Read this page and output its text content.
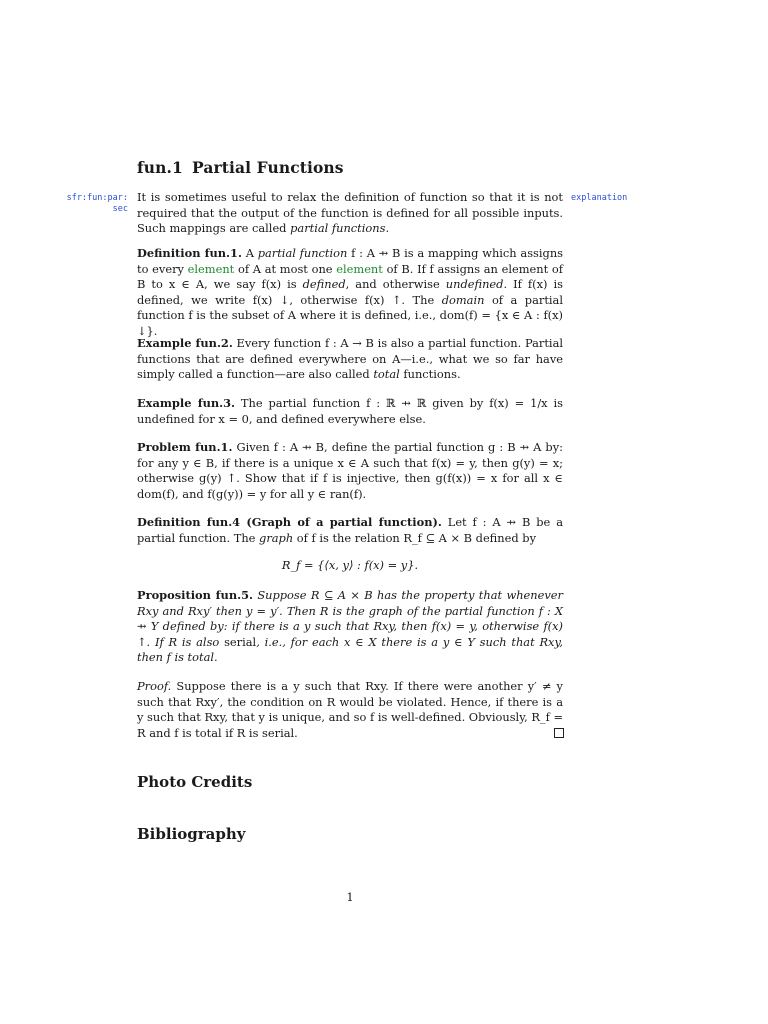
fun.1 Partial Functions
sfr:fun:par:
sec
explanation
It is sometimes useful to relax the definition of function so that it is not required that the output of the function is defined for all possible inputs. Such mappings are called partial functions.
Definition fun.1. A partial function f : A ⇸ B is a mapping which assigns to every element of A at most one element of B. If f assigns an element of B to x ∈ A, we say f(x) is defined, and otherwise undefined. If f(x) is defined, we write f(x) ↓, otherwise f(x) ↑. The domain of a partial function f is the subset of A where it is defined, i.e., dom(f) = {x ∈ A : f(x) ↓}.
Example fun.2. Every function f : A → B is also a partial function. Partial functions that are defined everywhere on A—i.e., what we so far have simply called a function—are also called total functions.
Example fun.3. The partial function f : ℝ ⇸ ℝ given by f(x) = 1/x is undefined for x = 0, and defined everywhere else.
Problem fun.1. Given f : A ⇸ B, define the partial function g : B ⇸ A by: for any y ∈ B, if there is a unique x ∈ A such that f(x) = y, then g(y) = x; otherwise g(y) ↑. Show that if f is injective, then g(f(x)) = x for all x ∈ dom(f), and f(g(y)) = y for all y ∈ ran(f).
Definition fun.4 (Graph of a partial function). Let f : A ⇸ B be a partial function. The graph of f is the relation R_f ⊆ A × B defined by
R_f = {⟨x, y⟩ : f(x) = y}.
Proposition fun.5. Suppose R ⊆ A × B has the property that whenever Rxy and Rxy′ then y = y′. Then R is the graph of the partial function f : X ⇸ Y defined by: if there is a y such that Rxy, then f(x) = y, otherwise f(x) ↑. If R is also serial, i.e., for each x ∈ X there is a y ∈ Y such that Rxy, then f is total.
Proof. Suppose there is a y such that Rxy. If there were another y′ ≠ y such that Rxy′, the condition on R would be violated. Hence, if there is a y such that Rxy, that y is unique, and so f is well-defined. Obviously, R_f = R and f is total if R is serial.
Photo Credits
Bibliography
1
